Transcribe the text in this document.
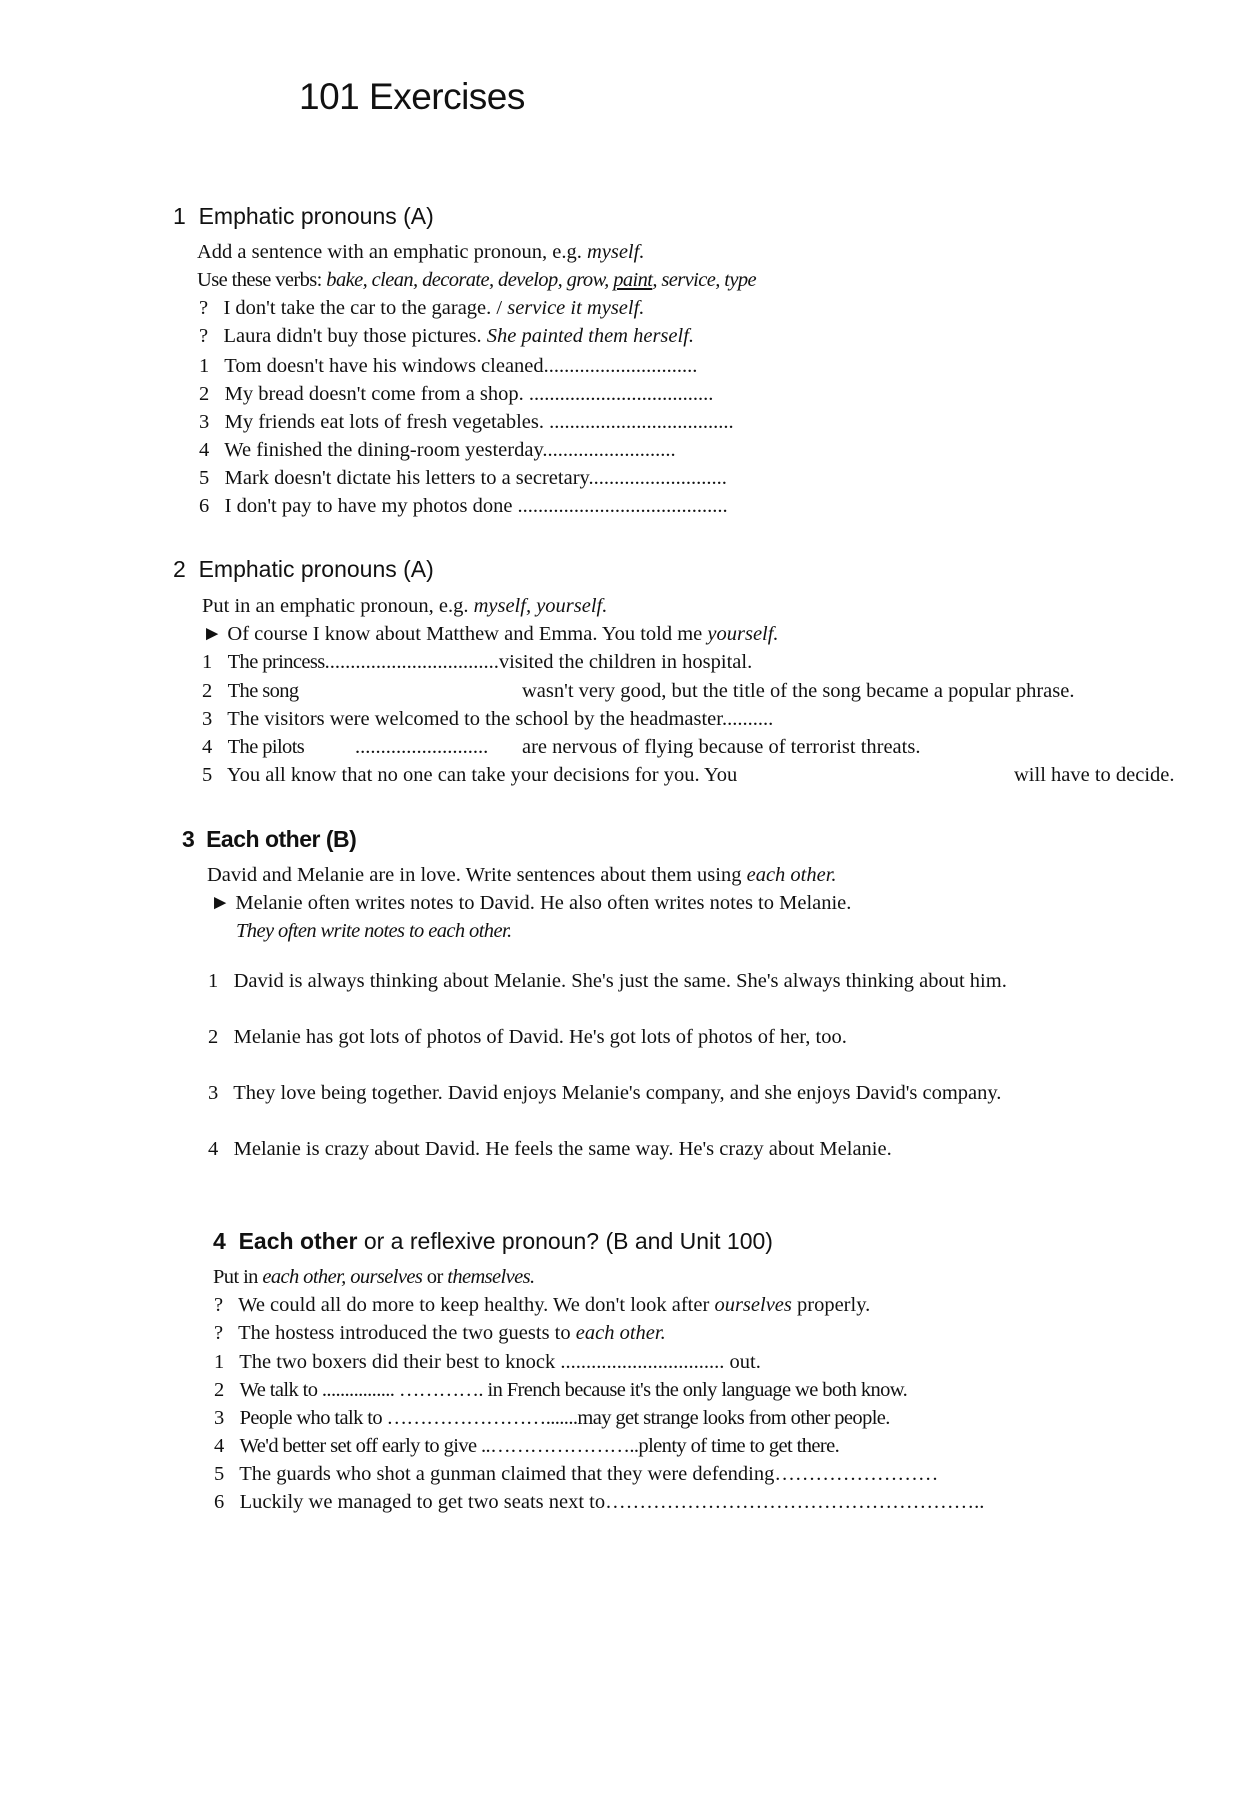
101 Exercises
1 Emphatic pronouns (A)
Add a sentence with an emphatic pronoun, e.g. myself.
Use these verbs: bake, clean, decorate, develop, grow, paint, service, type
? I don't take the car to the garage. / service it myself.
? Laura didn't buy those pictures. She painted them herself.
1 Tom doesn't have his windows cleaned..............................
2 My bread doesn't come from a shop. ....................................
3 My friends eat lots of fresh vegetables. ....................................
4 We finished the dining-room yesterday..........................
5 Mark doesn't dictate his letters to a secretary...........................
6 I don't pay to have my photos done .........................................
2 Emphatic pronouns (A)
Put in an emphatic pronoun, e.g. myself, yourself.
► Of course I know about Matthew and Emma. You told me yourself.
1 The princess..................................visited the children in hospital.
2 The song	wasn't very good, but the title of the song became a popular phrase.
3 The visitors were welcomed to the school by the headmaster..........
4 The pilots .......................... are nervous of flying because of terrorist threats.
5 You all know that no one can take your decisions for you. You	will have to decide.
3 Each other (B)
David and Melanie are in love. Write sentences about them using each other.
► Melanie often writes notes to David. He also often writes notes to Melanie.
They often write notes to each other.
1 David is always thinking about Melanie. She's just the same. She's always thinking about him.
2 Melanie has got lots of photos of David. He's got lots of photos of her, too.
3 They love being together. David enjoys Melanie's company, and she enjoys David's company.
4 Melanie is crazy about David. He feels the same way. He's crazy about Melanie.
4 Each other or a reflexive pronoun? (B and Unit 100)
Put in each other, ourselves or themselves.
? We could all do more to keep healthy. We don't look after ourselves properly.
? The hostess introduced the two guests to each other.
1 The two boxers did their best to knock ................................ out.
2 We talk to ................ …………. in French because it's the only language we both know.
3 People who talk to …………………….......may get strange looks from other people.
4 We'd better set off early to give ..…………………..plenty of time to get there.
5 The guards who shot a gunman claimed that they were defending……………………
6 Luckily we managed to get two seats next to………………………………………………..
